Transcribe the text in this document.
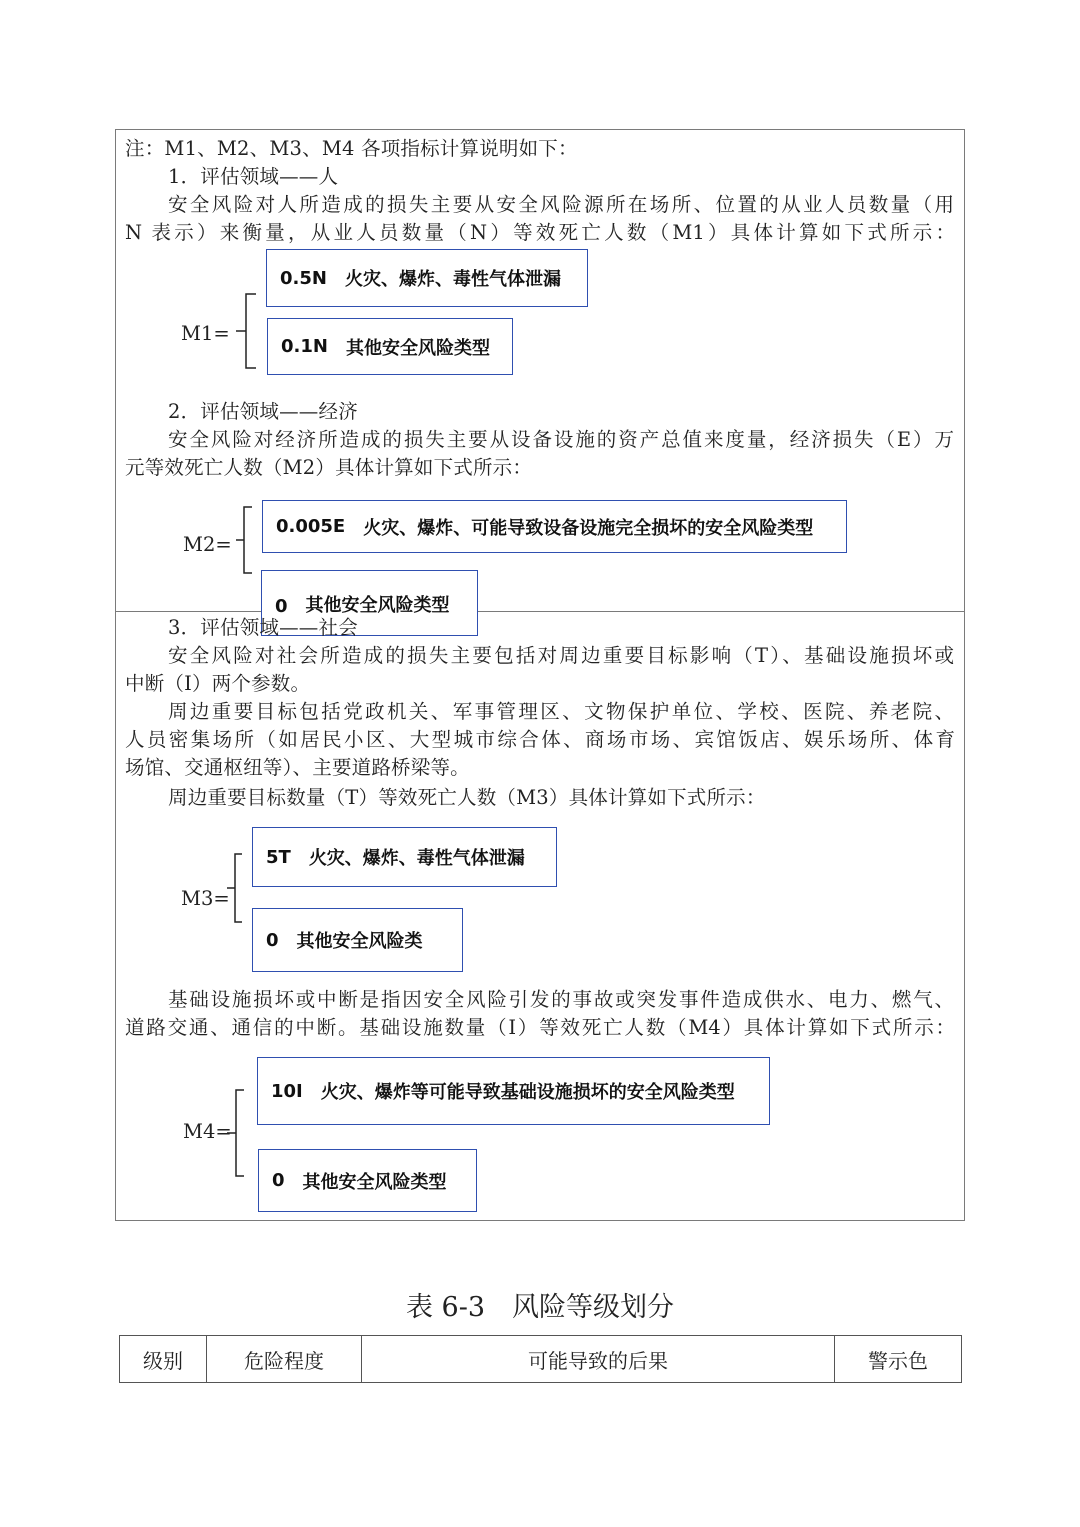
注：M1、M2、M3、M4 各项指标计算说明如下：
1．评估领域——人
安全风险对人所造成的损失主要从安全风险源所在场所、位置的从业人员数量（用
N 表示）来衡量，从业人员数量（N）等效死亡人数（M1）具体计算如下式所示：
M1=
0.5N 火灾、爆炸、毒性气体泄漏
0.1N 其他安全风险类型
2．评估领域——经济
安全风险对经济所造成的损失主要从设备设施的资产总值来度量，经济损失（E）万
元等效死亡人数（M2）具体计算如下式所示：
M2=
0.005E 火灾、爆炸、可能导致设备设施完全损坏的安全风险类型
0 其他安全风险类型
3．评估领域——社会
安全风险对社会所造成的损失主要包括对周边重要目标影响（T）、基础设施损坏或
中断（I）两个参数。
周边重要目标包括党政机关、军事管理区、文物保护单位、学校、医院、养老院、
人员密集场所（如居民小区、大型城市综合体、商场市场、宾馆饭店、娱乐场所、体育
场馆、交通枢纽等）、主要道路桥梁等。
周边重要目标数量（T）等效死亡人数（M3）具体计算如下式所示：
M3=
5T 火灾、爆炸、毒性气体泄漏
0 其他安全风险类
基础设施损坏或中断是指因安全风险引发的事故或突发事件造成供水、电力、燃气、
道路交通、通信的中断。基础设施数量（I）等效死亡人数（M4）具体计算如下式所示：
M4=
10I 火灾、爆炸等可能导致基础设施损坏的安全风险类型
0 其他安全风险类型
表 6-3　风险等级划分
级别	危险程度	可能导致的后果	警示色
